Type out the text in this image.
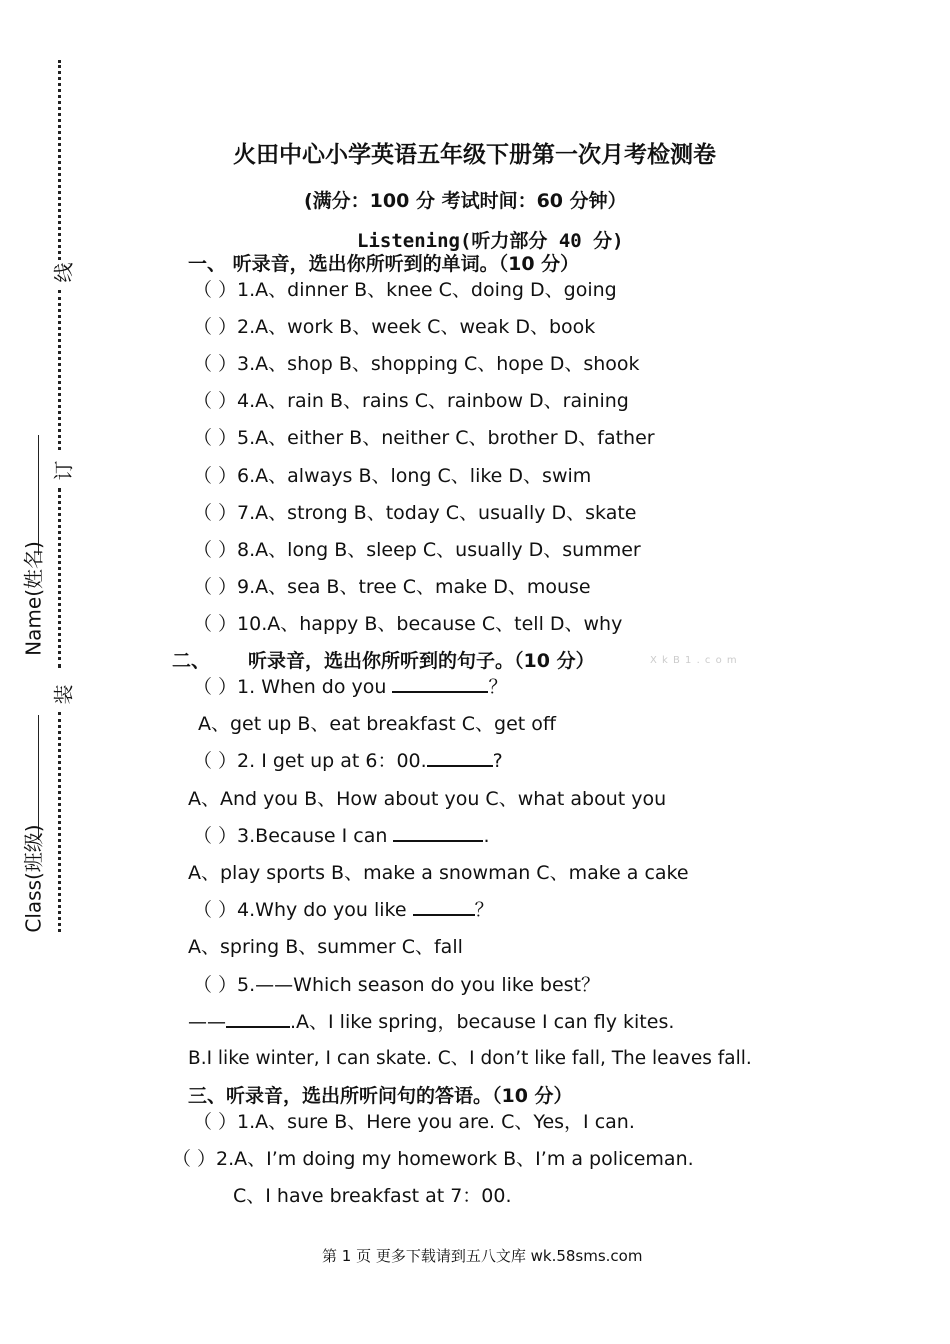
线
订
装
Name(姓名)
Class(班级)
火田中心小学英语五年级下册第一次月考检测卷
(满分：100 分 考试时间：60 分钟）
Listening(听力部分 40 分)
一、 听录音，选出你所听到的单词。（10 分）
（ ）1.A、dinner B、knee C、doing D、going
（ ）2.A、work B、week C、weak D、book
（ ）3.A、shop B、shopping C、hope D、shook
（ ）4.A、rain B、rains C、rainbow D、raining
（ ）5.A、either B、neither C、brother D、father
（ ）6.A、always B、long C、like D、swim
（ ）7.A、strong B、today C、usually D、skate
（ ）8.A、long B、sleep C、usually D、summer
（ ）9.A、sea B、tree C、make D、mouse
（ ）10.A、happy B、because C、tell D、why
二、 听录音，选出你所听到的句子。（10 分）	X k B 1 . c o m
（ ）1. When do you	？
A、get up B、eat breakfast C、get off
（ ）2. I get up at 6：00.	?
A、And you B、How about you C、what about you
（ ）3.Because I can	.
A、play sports B、make a snowman C、make a cake
（ ）4.Why do you like	？
A、spring B、summer C、fall
（ ）5.——Which season do you like best？
——	.A、I like spring，because I can fly kites.
B.I like winter, I can skate. C、I don’t like fall, The leaves fall.
三、听录音，选出所听问句的答语。（10 分）
（ ）1.A、sure B、Here you are. C、Yes，I can.
（ ）2.A、I’m doing my homework B、I’m a policeman.
C、I have breakfast at 7：00.
第 1 页 更多下载请到五八文库 wk.58sms.com
